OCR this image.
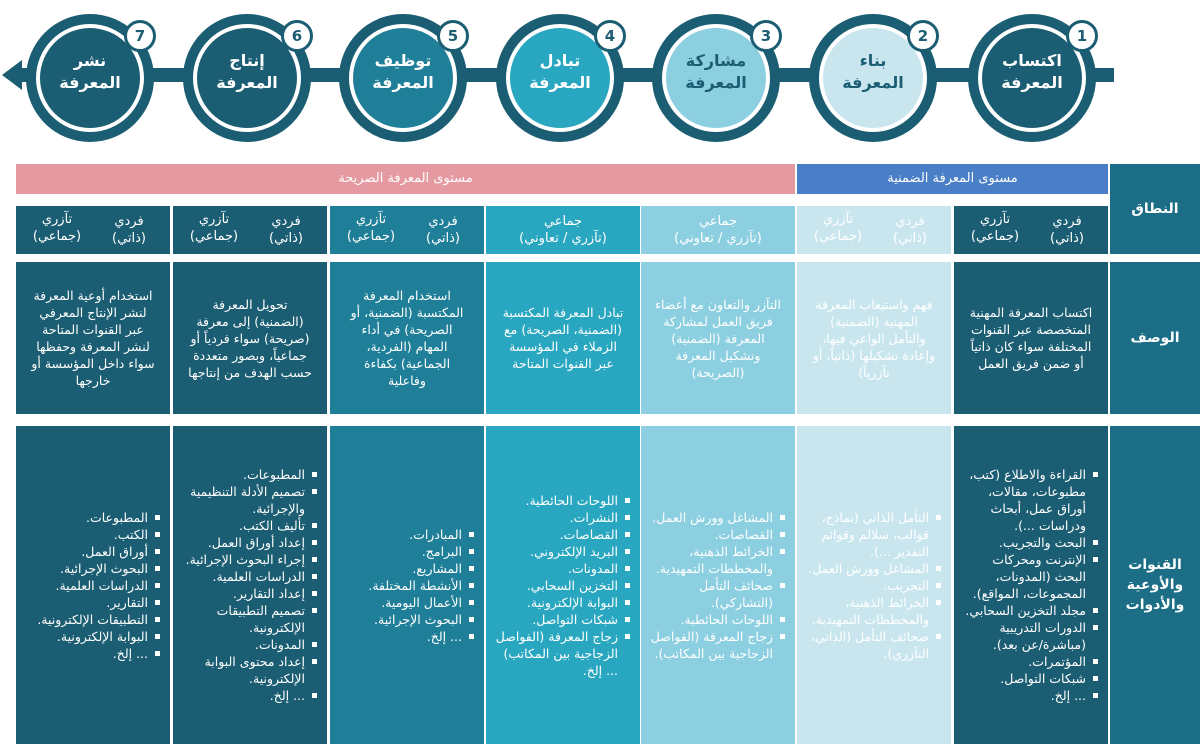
اكتساب
المعرفة
1
بناء
المعرفة
2
مشاركة
المعرفة
3
تبادل
المعرفة
4
توظيف
المعرفة
5
إنتاج
المعرفة
6
نشر
المعرفة
7
مستوى المعرفة الضمنية
مستوى المعرفة الصريحة
النطاق
الوصف
القنوات والأوعية والأدوات
فردي
(ذاتي)
تآزري
(جماعي)
اكتساب المعرفة المهنية المتخصصة عبر القنوات المختلفة سواء كان ذاتياً أو ضمن فريق العمل
القراءة والاطلاع (كتب، مطبوعات، مقالات، أوراق عمل، أبحاث ودراسات ...).
البحث والتجريب.
الإنترنت ومحركات البحث (المدونات، المجموعات، المواقع).
مجلد التخزين السحابي.
الدورات التدريبية (مباشرة/عن بعد).
المؤتمرات.
شبكات التواصل.
... إلخ.
فردي
(ذاتي)
تآزري
(جماعي)
فهم واستيعاب المعرفة المهنية (الضمنية) والتأمل الواعي فيها، وإعادة تشكيلها (ذاتياً، أو تآزرياً)
التأمل الذاتي (نماذج، قوالب، سلالم وقوائم التقدير ...).
المشاغل وورش العمل.
التجريب.
الخرائط الذهنية، والمخططات التمهيدية.
صحائف التأمل (الذاتي، التآزري).
جماعي
(تآزري / تعاوني)
التآزر والتعاون مع أعضاء فريق العمل لمشاركة المعرفة (الضمنية) وتشكيل المعرفة (الصريحة)
المشاغل وورش العمل.
القصاصات.
الخرائط الذهنية، والمخططات التمهيدية.
صحائف التأمل (التشاركي).
اللوحات الحائطية.
زجاج المعرفة (الفواصل الزجاجية بين المكاتب).
جماعي
(تآزري / تعاوني)
تبادل المعرفة المكتسبة (الضمنية، الصريحة) مع الزملاء في المؤسسة عبر القنوات المتاحة
اللوحات الحائطية.
النشرات.
القصاصات.
البريد الإلكتروني.
المدونات.
التخزين السحابي.
البوابة الإلكترونية.
شبكات التواصل.
زجاج المعرفة (الفواصل الزجاجية بين المكاتب) ... إلخ.
فردي
(ذاتي)
تآزري
(جماعي)
استخدام المعرفة المكتسبة (الضمنية، أو الصريحة) في أداء المهام (الفردية، الجماعية) بكفاءة وفاعلية
المبادرات.
البرامج.
المشاريع.
الأنشطة المختلفة.
الأعمال اليومية.
البحوث الإجرائية.
... إلخ.
فردي
(ذاتي)
تآزري
(جماعي)
تحويل المعرفة (الضمنية) إلى معرفة (صريحة) سواء فردياً أو جماعياً، وبصور متعددة حسب الهدف من إنتاجها
المطبوعات.
تصميم الأدلة التنظيمية والإجرائية.
تأليف الكتب.
إعداد أوراق العمل.
إجراء البحوث الإجرائية.
الدراسات العلمية.
إعداد التقارير.
تصميم التطبيقات الإلكترونية.
المدونات.
إعداد محتوى البوابة الإلكترونية.
... إلخ.
فردي
(ذاتي)
تآزري
(جماعي)
استخدام أوعية المعرفة لنشر الإنتاج المعرفي عبر القنوات المتاحة لنشر المعرفة وحفظها سواء داخل المؤسسة أو خارجها
المطبوعات.
الكتب.
أوراق العمل.
البحوث الإجرائية.
الدراسات العلمية.
التقارير.
التطبيقات الإلكترونية.
البوابة الإلكترونية.
... إلخ.
